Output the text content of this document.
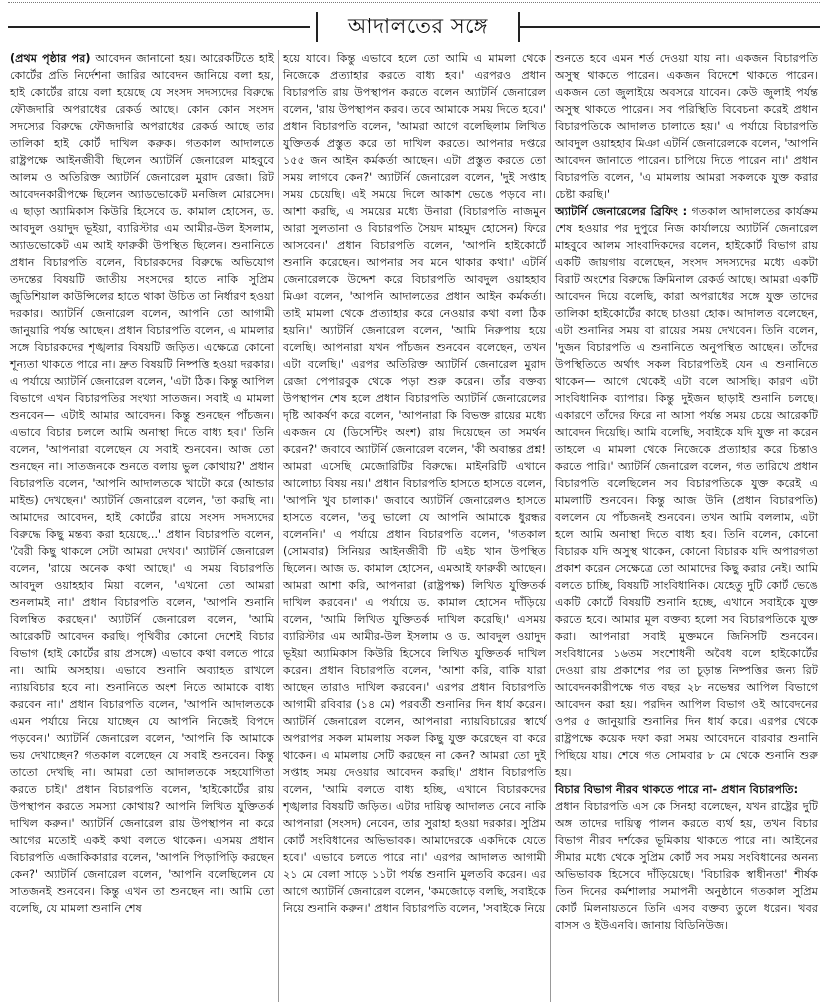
আদালতের সঙ্গে

(প্রথম পৃষ্ঠার পর) আবেদন জানানো হয়। আরেকটিতে হাই কোর্টের প্রতি নির্দেশনা জারির আবেদন জানিয়ে বলা হয়, হাই কোর্টের রায়ে বলা হয়েছে যে সংসদ সদস্যদের বিরুদ্ধে ফৌজদারি অপরাধের রেকর্ড আছে। কোন কোন সংসদ সদস্যের বিরুদ্ধে ফৌজদারি অপরাধের রেকর্ড আছে তার তালিকা হাই কোর্ট দাখিল করুক। গতকাল আদালতে রাষ্ট্রপক্ষে আইনজীবী ছিলেন অ্যাটর্নি জেনারেল মাহবুবে আলম ও অতিরিক্ত অ্যাটর্নি জেনারেল মুরাদ রেজা। রিট আবেদনকারীপক্ষে ছিলেন অ্যাডভোকেট মনজিল মোরসেদ। এ ছাড়া অ্যামিকাস কিউরি হিসেবে ড. কামাল হোসেন, ড. আবদুল ওয়াদুদ ভূইয়া, ব্যারিস্টার এম আমীর-উল ইসলাম, অ্যাডভোকেট এম আই ফারুকী উপস্থিত ছিলেন। শুনানিতে প্রধান বিচারপতি বলেন, বিচারকদের বিরুদ্ধে অভিযোগ তদন্তের বিষয়টি জাতীয় সংসদের হাতে নাকি সুপ্রিম জুডিশিয়াল কাউন্সিলের হাতে থাকা উচিত তা নির্ধারণ হওয়া দরকার। অ্যাটর্নি জেনারেল বলেন, আপনি তো আগামী জানুয়ারি পর্যন্ত আছেন। প্রধান বিচারপতি বলেন, এ মামলার সঙ্গে বিচারকদের শৃঙ্খলার বিষয়টি জড়িত। এক্ষেত্রে কোনো শূন্যতা থাকতে পারে না। দ্রুত বিষয়টি নিষ্পত্তি হওয়া দরকার। এ পর্যায়ে অ্যাটর্নি জেনারেল বলেন, 'এটা ঠিক। কিন্তু আপিল বিভাগে এখন বিচারপতির সংখ্যা সাতজন। সবাই এ মামলা শুনবেন— এটাই আমার আবেদন। কিন্তু শুনছেন পাঁচজন। এভাবে বিচার চললে আমি অনাস্থা দিতে বাধ্য হব।' তিনি বলেন, 'আপনারা বলেছেন যে সবাই শুনবেন। আজ তো শুনছেন না। সাতজনকে শুনতে বলায় ভুল কোথায়?' প্রধান বিচারপতি বলেন, 'আপনি আদালতকে খাটো করে (আন্ডার মাইন্ড) দেখছেন।' অ্যাটর্নি জেনারেল বলেন, 'তা করছি না। আমাদের আবেদন, হাই কোর্টের রায়ে সংসদ সদস্যদের বিরুদ্ধে কিছু মন্তব্য করা হয়েছে...' প্রধান বিচারপতি বলেন, 'বৈরী কিছু থাকলে সেটা আমরা দেখব।' অ্যাটর্নি জেনারেল বলেন, 'রায়ে অনেক কথা আছে।' এ সময় বিচারপতি আবদুল ওয়াহহাব মিয়া বলেন, 'এখনো তো আমরা শুনলামই না।' প্রধান বিচারপতি বলেন, 'আপনি শুনানি বিলম্বিত করছেন।' অ্যাটর্নি জেনারেল বলেন, 'আমি আরেকটি আবেদন করছি। পৃথিবীর কোনো দেশেই বিচার বিভাগ (হাই কোর্টের রায় প্রসঙ্গে) এভাবে কথা বলতে পারে না। আমি অসহায়। এভাবে শুনানি অব্যাহত রাখলে ন্যায়বিচার হবে না। শুনানিতে অংশ নিতে আমাকে বাধ্য করবেন না।' প্রধান বিচারপতি বলেন, 'আপনি আদালতকে এমন পর্যায়ে নিয়ে যাচ্ছেন যে আপনি নিজেই বিপদে পড়বেন।' অ্যাটর্নি জেনারেল বলেন, 'আপনি কি আমাকে ভয় দেখাচ্ছেন? গতকাল বলেছেন যে সবাই শুনবেন। কিন্তু তাতো দেখছি না। আমরা তো আদালতকে সহযোগিতা করতে চাই।' প্রধান বিচারপতি বলেন, 'হাইকোর্টের রায় উপস্থাপন করতে সমস্যা কোথায়? আপনি লিখিত যুক্তিতর্ক দাখিল করুন।' অ্যাটর্নি জেনারেল রায় উপস্থাপন না করে আগের মতোই একই কথা বলতে থাকেন। এসময় প্রধান বিচারপতি এজাকিকারার বলেন, 'আপনি পিড়াপিড়ি করছেন কেন?' অ্যাটর্নি জেনারেল বলেন, 'আপনি বলেছিলেন যে সাতজনই শুনবেন। কিন্তু এখন তা শুনছেন না। আমি তো বলেছি, যে মামলা শুনানি শেষ

হয়ে যাবে। কিন্তু এভাবে হলে তো আমি এ মামলা থেকে নিজেকে প্রত্যাহার করতে বাধ্য হব।' এরপরও প্রধান বিচারপতি রায় উপস্থাপন করতে বলেন অ্যাটর্নি জেনারেল বলেন, 'রায় উপস্থাপন করব। তবে আমাকে সময় দিতে হবে।' প্রধান বিচারপতি বলেন, 'আমরা আগে বলেছিলাম লিখিত যুক্তিতর্ক প্রস্তুত করে তা দাখিল করতে। আপনার দপ্তরে ১৫৫ জন আইন কর্মকর্তা আছেন। এটা প্রস্তুত করতে তো সময় লাগবে কেন?' অ্যাটর্নি জেনারেল বলেন, 'দুই সপ্তাহ সময় চেয়েছি। এই সময়ে দিলে আকাশ ভেঙে পড়বে না। আশা করছি, এ সময়ের মধ্যে উনারা (বিচারপতি নাজমুন আরা সুলতানা ও বিচারপতি সৈয়দ মাহমুদ হোসেন) ফিরে আসবেন।' প্রধান বিচারপতি বলেন, 'আপনি হাইকোর্টে শুনানি করেছেন। আপনার সব মনে থাকার কথা।' এটর্নি জেনারেলকে উদ্দেশ করে বিচারপতি আবদুল ওয়াহহাব মিঞা বলেন, 'আপনি আদালতের প্রধান আইন কর্মকর্তা। তাই মামলা থেকে প্রত্যাহার করে নেওয়ার কথা বলা ঠিক হয়নি।' অ্যাটর্নি জেনারেল বলেন, 'আমি নিরুপায় হয়ে বলেছি। আপনারা যখন পাঁচজন শুনবেন বলেছেন, তখন এটা বলেছি।' এরপর অতিরিক্ত অ্যাটর্নি জেনারেল মুরাদ রেজা পেপারবুক থেকে পড়া শুরু করেন। তাঁর বক্তব্য উপস্থাপন শেষ হলে প্রধান বিচারপতি অ্যাটর্নি জেনারেলের দৃষ্টি আকর্ষণ করে বলেন, 'আপনারা কি বিভক্ত রায়ের মধ্যে একজন যে (ডিসেন্টিং অংশ) রায় দিয়েছেন তা সমর্থন করেন?' জবাবে অ্যাটর্নি জেনারেল বলেন, 'কী অবান্তর প্রশ্ন! আমরা এসেছি মেজোরিটির বিরুদ্ধে। মাইনরিটি এখানে আলোচ্য বিষয় নয়।' প্রধান বিচারপতি হাসতে হাসতে বলেন, 'আপনি খুব চালাক।' জবাবে অ্যাটর্নি জেনারেলও হাসতে হাসতে বলেন, 'তবু ভালো যে আপনি আমাকে ধুরন্ধর বলেননি।' এ পর্যায়ে প্রধান বিচারপতি বলেন, 'গতকাল (সোমবার) সিনিয়র আইনজীবী টি এইচ খান উপস্থিত ছিলেন। আজ ড. কামাল হোসেন, এমআই ফারুকী আছেন। আমরা আশা করি, আপনারা (রাষ্ট্রপক্ষ) লিখিত যুক্তিতর্ক দাখিল করবেন।' এ পর্যায়ে ড. কামাল হোসেন দাঁড়িয়ে বলেন, 'আমি লিখিত যুক্তিতর্ক দাখিল করেছি।' এসময় ব্যারিস্টার এম আমীর-উল ইসলাম ও ড. আবদুল ওয়াদুদ ভূইয়া অ্যামিকাস কিউরি হিসেবে লিখিত যুক্তিতর্ক দাখিল করেন। প্রধান বিচারপতি বলেন, 'আশা করি, বাকি যারা আছেন তারাও দাখিল করবেন।' এরপর প্রধান বিচারপতি আগামী রবিবার (১৪ মে) পরবর্তী শুনানির দিন ধার্য করেন। অ্যাটর্নি জেনারেল বলেন, আপনারা ন্যায়বিচারের স্বার্থে অপরাপর সকল মামলায় সকল কিছু যুক্ত করেছেন বা করে থাকেন। এ মামলায় সেটি করছেন না কেন? আমরা তো দুই সপ্তাহ সময় দেওয়ার আবেদন করছি।' প্রধান বিচারপতি বলেন, 'আমি বলতে বাধ্য হচ্ছি, এখানে বিচারকদের শৃঙ্খলার বিষয়টি জড়িত। এটার দায়িত্ব আদালত নেবে নাকি আপনারা (সংসদ) নেবেন, তার সুরাহা হওয়া দরকার। সুপ্রিম কোর্ট সংবিধানের অভিভাবক। আমাদেরকে একদিকে যেতে হবে।' এভাবে চলতে পারে না।' এরপর আদালত আগামী ২১ মে বেলা সাড়ে ১১টা পর্যন্ত শুনানি মুলতবি করেন। এর আগে অ্যাটর্নি জেনারেল বলেন, 'কমজোড়ে বলছি, সবাইকে নিয়ে শুনানি করুন।' প্রধান বিচারপতি বলেন, 'সবাইকে নিয়ে

শুনতে হবে এমন শর্ত দেওয়া যায় না। একজন বিচারপতি অসুস্থ থাকতে পারেন। একজন বিদেশে থাকতে পারেন। একজন তো জুলাইয়ে অবসরে যাবেন। কেউ জুলাই পর্যন্ত অসুস্থ থাকতে পারেন। সব পরিস্থিতি বিবেচনা করেই প্রধান বিচারপতিকে আদালত চালাতে হয়।' এ পর্যায়ে বিচারপতি আবদুল ওয়াহহাব মিঞা এটর্নি জেনারেলকে বলেন, 'আপনি আবেদন জানাতে পারেন। চাপিয়ে দিতে পারেন না।' প্রধান বিচারপতি বলেন, 'এ মামলায় আমরা সকলকে যুক্ত করার চেষ্টা করছি।'

অ্যাটর্নি জেনারেলের ব্রিফিং : গতকাল আদালতের কার্যক্রম শেষ হওয়ার পর দুপুরে নিজ কার্যালয়ে অ্যাটর্নি জেনারেল মাহবুবে আলম সাংবাদিকদের বলেন, হাইকোর্ট বিভাগ রায় একটি জায়গায় বলেছেন, সংসদ সদস্যদের মধ্যে একটা বিরাট অংশের বিরুদ্ধে ক্রিমিনাল রেকর্ড আছে। আমরা একটি আবেদন দিয়ে বলেছি, কারা অপরাধের সঙ্গে যুক্ত তাদের তালিকা হাইকোর্টের কাছে চাওয়া হোক। আদালত বলেছেন, এটা শুনানির সময় বা রায়ের সময় দেখবেন। তিনি বলেন, 'দুজন বিচারপতি এ শুনানিতে অনুপস্থিত আছেন। তাঁদের উপস্থিতিতে অর্থাৎ সকল বিচারপতিই যেন এ শুনানিতে থাকেন— আগে থেকেই এটা বলে আসছি। কারণ এটা সাংবিধানিক ব্যাপার। কিন্তু দুইজন ছাড়াই শুনানি চলছে। একারণে তাঁদের ফিরে না আসা পর্যন্ত সময় চেয়ে আরেকটি আবেদন দিয়েছি। আমি বলেছি, সবাইকে যদি যুক্ত না করেন তাহলে এ মামলা থেকে নিজেকে প্রত্যাহার করে চিন্তাও করতে পারি।' অ্যাটর্নি জেনারেল বলেন, গত তারিখে প্রধান বিচারপতি বলেছিলেন সব বিচারপতিকে যুক্ত করেই এ মামলাটি শুনবেন। কিন্তু আজ উনি (প্রধান বিচারপতি) বললেন যে পাঁচজনই শুনবেন। তখন আমি বললাম, এটা হলে আমি অনাস্থা দিতে বাধ্য হব। তিনি বলেন, কোনো বিচারক যদি অসুস্থ থাকেন, কোনো বিচারক যদি অপারগতা প্রকাশ করেন সেক্ষেত্রে তো আমাদের কিছু করার নেই। আমি বলতে চাচ্ছি, বিষয়টি সাংবিধানিক। যেহেতু দুটি কোর্ট ভেঙে একটি কোর্টে বিষয়টি শুনানি হচ্ছে, এখানে সবাইকে যুক্ত করতে হবে। আমার মূল বক্তব্য হলো সব বিচারপতিকে যুক্ত করা। আপনারা সবাই মুক্তমনে জিনিসটি শুনবেন। সংবিধানের ১৬তম সংশোধনী অবৈধ বলে হাইকোর্টের দেওয়া রায় প্রকাশের পর তা চূড়ান্ত নিষ্পত্তির জন্য রিট আবেদনকারীপক্ষে গত বছর ২৮ নভেম্বর আপিল বিভাগে আবেদন করা হয়। পরদিন আপিল বিভাগ ওই আবেদনের ওপর ৫ জানুয়ারি শুনানির দিন ধার্য করে। এরপর থেকে রাষ্ট্রপক্ষে কয়েক দফা করা সময় আবেদনে বারবার শুনানি পিছিয়ে যায়। শেষে গত সোমবার ৮ মে থেকে শুনানি শুরু হয়।

বিচার বিভাগ নীরব থাকতে পারে না- প্রধান বিচারপতি:

প্রধান বিচারপতি এস কে সিনহা বলেছেন, যখন রাষ্ট্রের দুটি অঙ্গ তাদের দায়িত্ব পালন করতে ব্যর্থ হয়, তখন বিচার বিভাগ নীরব দর্শকের ভূমিকায় থাকতে পারে না। আইনের সীমার মধ্যে থেকে সুপ্রিম কোর্ট সব সময় সংবিধানের অনন্য অভিভাবক হিসেবে দাঁড়িয়েছে। 'বিচারিক স্বাধীনতা' শীর্ষক তিন দিনের কর্মশালার সমাপনী অনুষ্ঠানে গতকাল সুপ্রিম কোর্ট মিলনায়তনে তিনি এসব বক্তব্য তুলে ধরেন। খবর বাসস ও ইউএনবি। জানায় বিডিনিউজ।
